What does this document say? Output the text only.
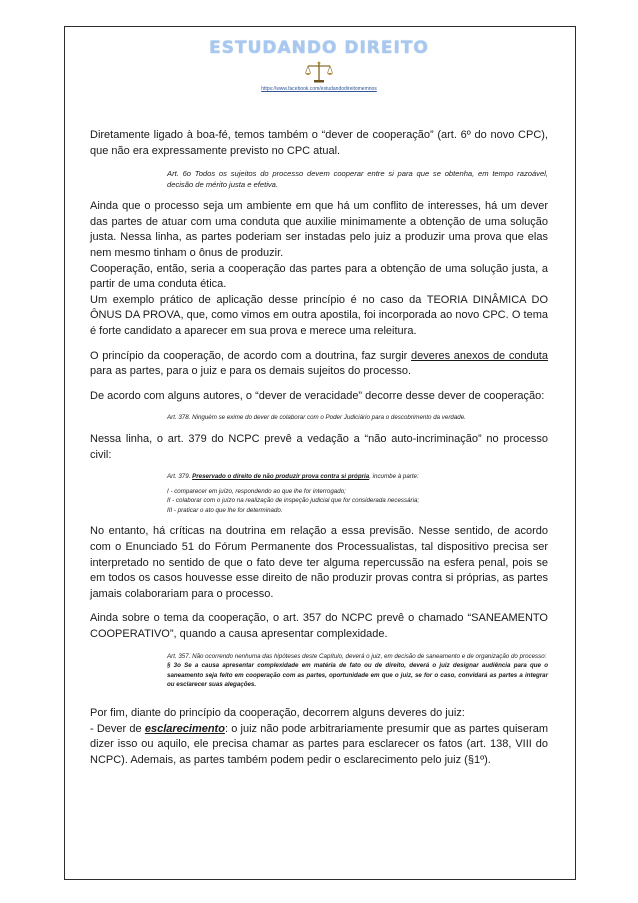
ESTUDANDO DIREITO
https://www.facebook.com/estudandodireitomemnos

Diretamente ligado à boa-fé, temos também o “dever de cooperação” (art. 6º do novo CPC), que não era expressamente previsto no CPC atual.

Art. 6o Todos os sujeitos do processo devem cooperar entre si para que se obtenha, em tempo razoável, decisão de mérito justa e efetiva.

Ainda que o processo seja um ambiente em que há um conflito de interesses, há um dever das partes de atuar com uma conduta que auxilie minimamente a obtenção de uma solução justa. Nessa linha, as partes poderiam ser instadas pelo juiz a produzir uma prova que elas nem mesmo tinham o ônus de produzir.

Cooperação, então, seria a cooperação das partes para a obtenção de uma solução justa, a partir de uma conduta ética.

Um exemplo prático de aplicação desse princípio é no caso da TEORIA DINÂMICA DO ÔNUS DA PROVA, que, como vimos em outra apostila, foi incorporada ao novo CPC. O tema é forte candidato a aparecer em sua prova e merece uma releitura.

O princípio da cooperação, de acordo com a doutrina, faz surgir deveres anexos de conduta para as partes, para o juiz e para os demais sujeitos do processo.

De acordo com alguns autores, o “dever de veracidade” decorre desse dever de cooperação:

Art. 378. Ninguém se exime do dever de colaborar com o Poder Judiciário para o descobrimento da verdade.

Nessa linha, o art. 379 do NCPC prevê a vedação a “não auto-incriminação” no processo civil:

Art. 379. Preservado o direito de não produzir prova contra si própria, incumbe à parte:
I - comparecer em juízo, respondendo ao que lhe for interrogado;
II - colaborar com o juízo na realização de inspeção judicial que for considerada necessária;
III - praticar o ato que lhe for determinado.

No entanto, há críticas na doutrina em relação a essa previsão. Nesse sentido, de acordo com o Enunciado 51 do Fórum Permanente dos Processualistas, tal dispositivo precisa ser interpretado no sentido de que o fato deve ter alguma repercussão na esfera penal, pois se em todos os casos houvesse esse direito de não produzir provas contra si próprias, as partes jamais colaborariam para o processo.

Ainda sobre o tema da cooperação, o art. 357 do NCPC prevê o chamado “SANEAMENTO COOPERATIVO”, quando a causa apresentar complexidade.

Art. 357. Não ocorrendo nenhuma das hipóteses deste Capítulo, deverá o juiz, em decisão de saneamento e de organização do processo:
§ 3o Se a causa apresentar complexidade em matéria de fato ou de direito, deverá o juiz designar audiência para que o saneamento seja feito em cooperação com as partes, oportunidade em que o juiz, se for o caso, convidará as partes a integrar ou esclarecer suas alegações.

Por fim, diante do princípio da cooperação, decorrem alguns deveres do juiz:

- Dever de esclarecimento: o juiz não pode arbitrariamente presumir que as partes quiseram dizer isso ou aquilo, ele precisa chamar as partes para esclarecer os fatos (art. 138, VIII do NCPC). Ademais, as partes também podem pedir o esclarecimento pelo juiz (§1º).
